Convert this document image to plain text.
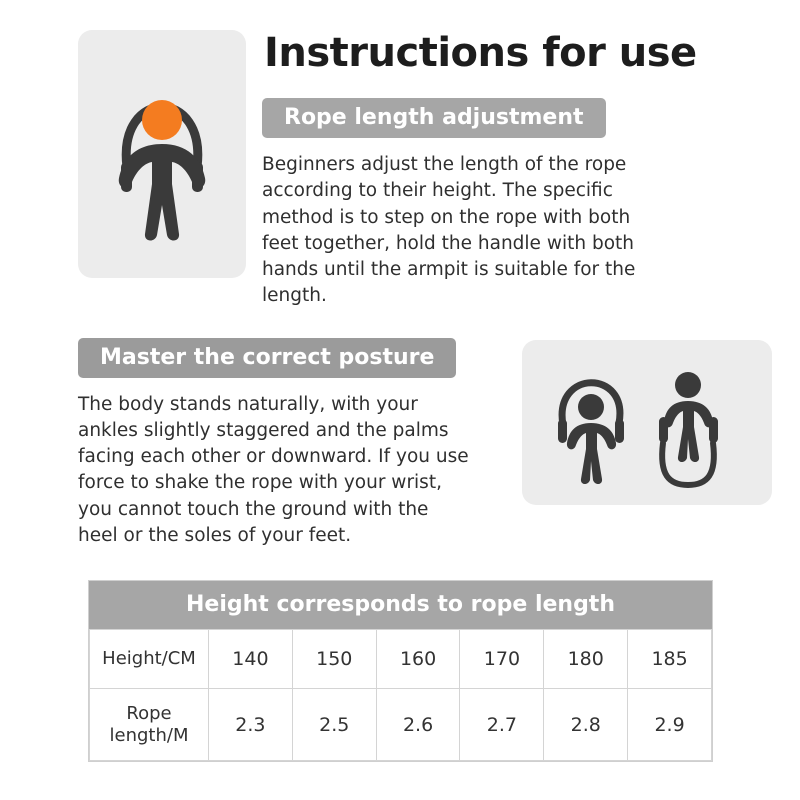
Instructions for use
Rope length adjustment
Beginners adjust the length of the rope according to their height. The specific method is to step on the rope with both feet together, hold the handle with both hands until the armpit is suitable for the length.
Master the correct posture
The body stands naturally, with your ankles slightly staggered and the palms facing each other or downward. If you use force to shake the rope with your wrist, you cannot touch the ground with the heel or the soles of your feet.
Height corresponds to rope length
Height/CM	140	150	160	170	180	185
Rope length/M	2.3	2.5	2.6	2.7	2.8	2.9
